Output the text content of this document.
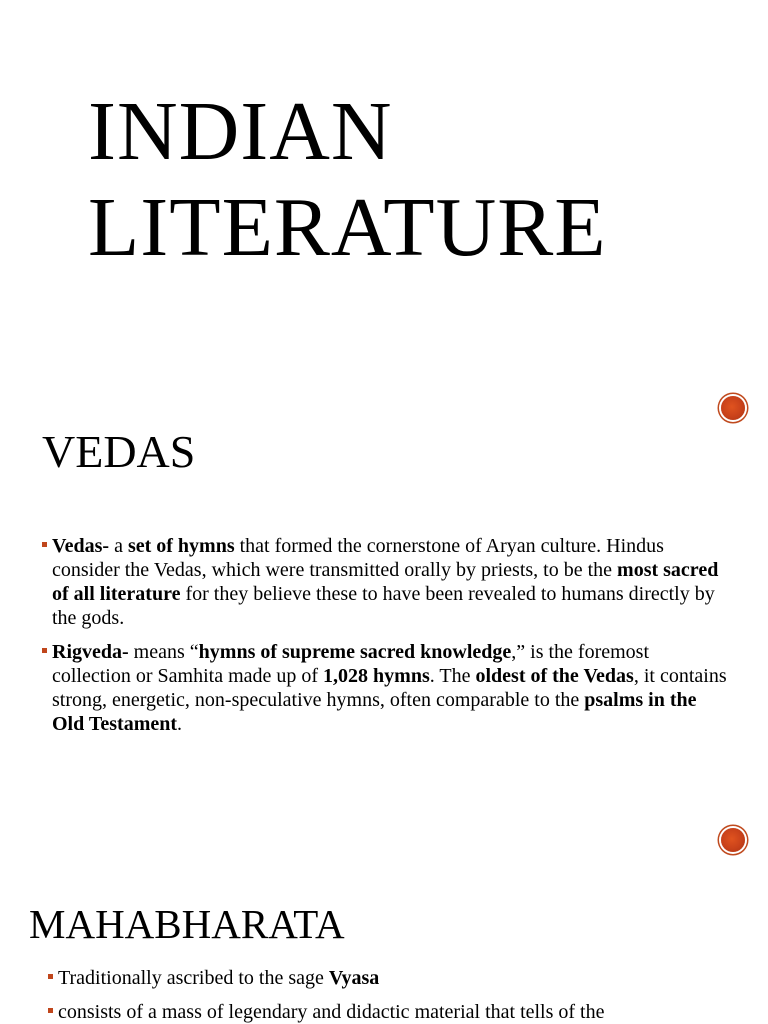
INDIAN
LITERATURE
VEDAS
Vedas- a set of hymns that formed the cornerstone of Aryan culture. Hindus consider the Vedas, which were transmitted orally by priests, to be the most sacred of all literature for they believe these to have been revealed to humans directly by the gods.
Rigveda- means “hymns of supreme sacred knowledge,” is the foremost collection or Samhita made up of 1,028 hymns. The oldest of the Vedas, it contains strong, energetic, non-speculative hymns, often comparable to the psalms in the Old Testament.
MAHABHARATA
Traditionally ascribed to the sage Vyasa
consists of a mass of legendary and didactic material that tells of the
